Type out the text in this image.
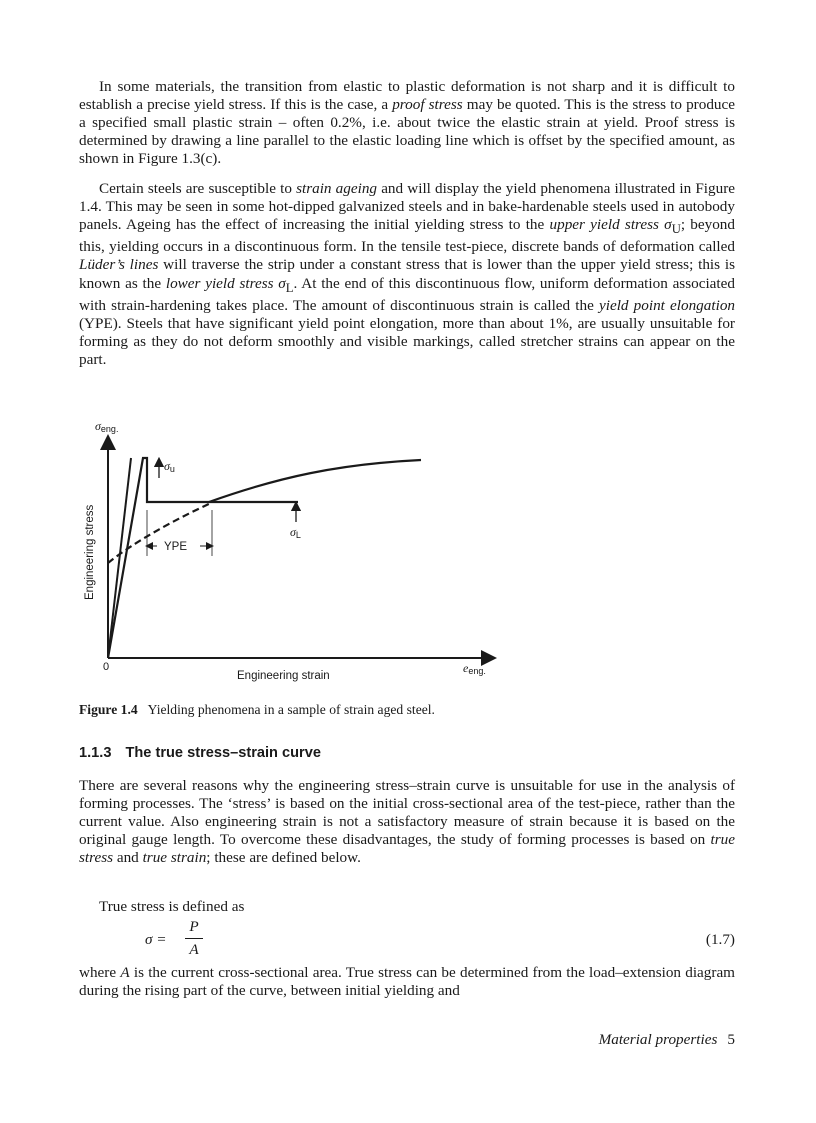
In some materials, the transition from elastic to plastic deformation is not sharp and it is difficult to establish a precise yield stress. If this is the case, a proof stress may be quoted. This is the stress to produce a specified small plastic strain – often 0.2%, i.e. about twice the elastic strain at yield. Proof stress is determined by drawing a line parallel to the elastic loading line which is offset by the specified amount, as shown in Figure 1.3(c).

Certain steels are susceptible to strain ageing and will display the yield phenomena illustrated in Figure 1.4. This may be seen in some hot-dipped galvanized steels and in bake-hardenable steels used in autobody panels. Ageing has the effect of increasing the initial yielding stress to the upper yield stress $\sigma_U$; beyond this, yielding occurs in a discontinuous form. In the tensile test-piece, discrete bands of deformation called Lüder’s lines will traverse the strip under a constant stress that is lower than the upper yield stress; this is known as the lower yield stress $\sigma_L$. At the end of this discontinuous flow, uniform deformation associated with strain-hardening takes place. The amount of discontinuous strain is called the yield point elongation (YPE). Steels that have significant yield point elongation, more than about 1%, are usually unsuitable for forming as they do not deform smoothly and visible markings, called stretcher strains can appear on the part.

σu
σL
YPE
σeng.
eeng.
0
Engineering strain
Engineering stress
Figure 1.4 Yielding phenomena in a sample of strain aged steel.
1.1.3 The true stress–strain curve

There are several reasons why the engineering stress–strain curve is unsuitable for use in the analysis of forming processes. The ‘stress’ is based on the initial cross-sectional area of the test-piece, rather than the current value. Also engineering strain is not a satisfactory measure of strain because it is based on the original gauge length. To overcome these disadvantages, the study of forming processes is based on true stress and true strain; these are defined below.

True stress is defined as

σ =
P
A
(1.7)

where A is the current cross-sectional area. True stress can be determined from the load–extension diagram during the rising part of the curve, between initial yielding and

Material properties 5
